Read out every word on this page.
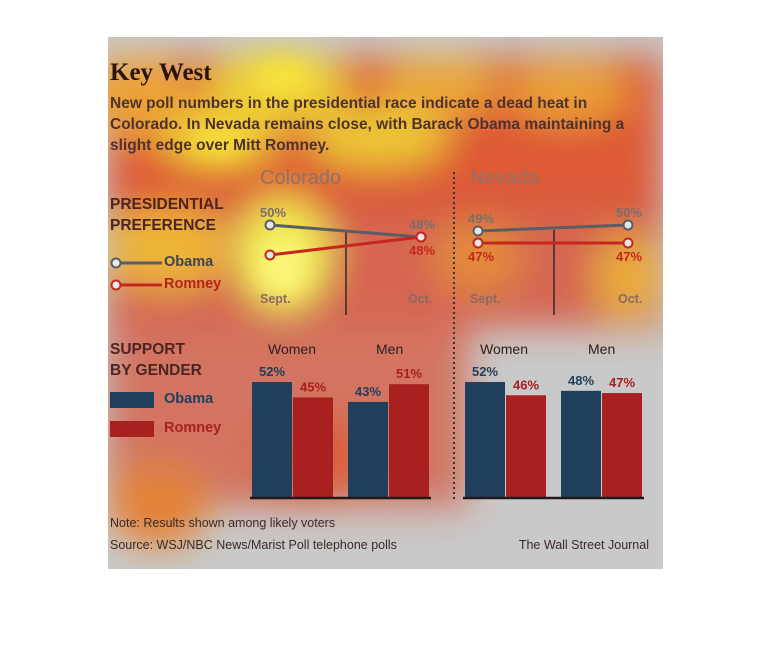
Key West
New poll numbers in the presidential race indicate a dead heat in Colorado. In Nevada remains close, with Barack Obama maintaining a slight edge over Mitt Romney.
PRESIDENTIAL
PREFERENCE
Obama
Romney
Colorado	Nevada
50%
48%
48%
49%	50%
47%	47%
Sept.	Oct.	Sept.	Oct.
SUPPORT
BY GENDER
Obama
Romney
Women	Men	Women	Men
52%
45% 43%
51%	52%
46% 48% 47%
Note: Results shown among likely voters
Source: WSJ/NBC News/Marist Poll telephone polls	The Wall Street Journal
